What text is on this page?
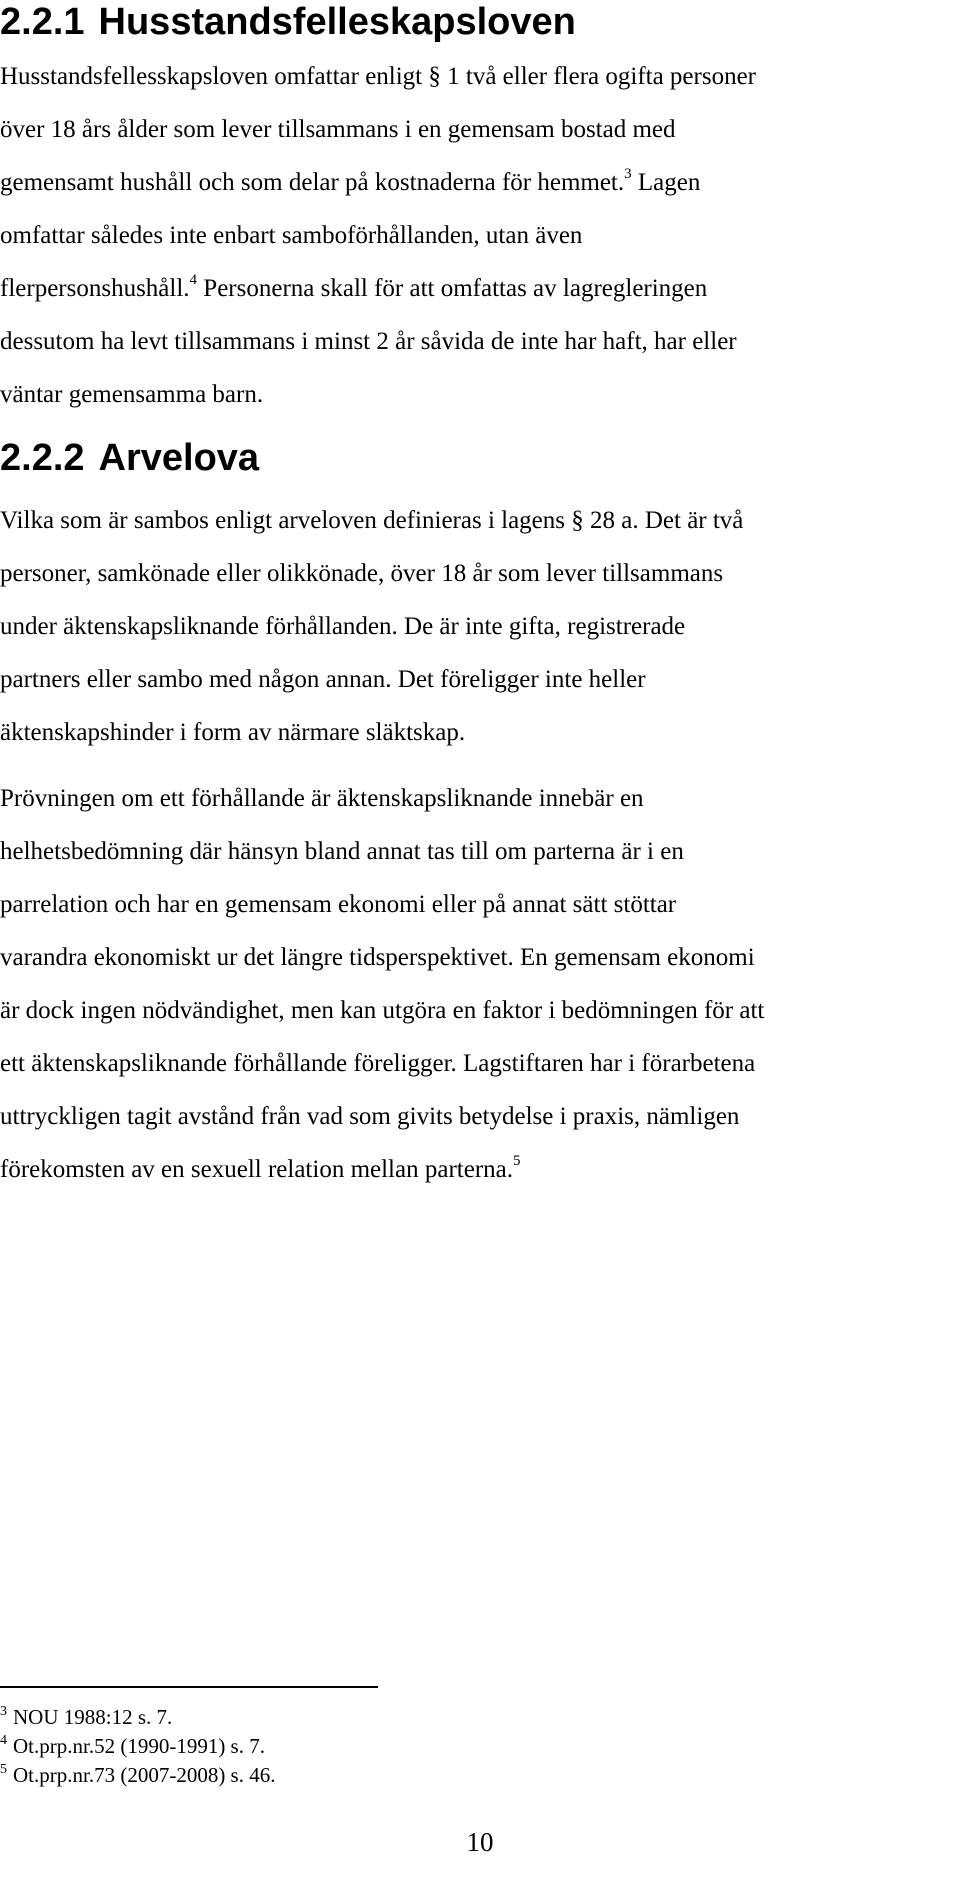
2.2.1 Husstandsfelleskapsloven

Husstandsfellesskapsloven omfattar enligt § 1 två eller flera ogifta personer
över 18 års ålder som lever tillsammans i en gemensam bostad med
gemensamt hushåll och som delar på kostnaderna för hemmet.$^3$ Lagen
omfattar således inte enbart samboförhållanden, utan även
flerpersonshushåll.$^4$ Personerna skall för att omfattas av lagregleringen
dessutom ha levt tillsammans i minst 2 år såvida de inte har haft, har eller
väntar gemensamma barn.

2.2.2 Arvelova

Vilka som är sambos enligt arveloven definieras i lagens § 28 a. Det är två
personer, samkönade eller olikkönade, över 18 år som lever tillsammans
under äktenskapsliknande förhållanden. De är inte gifta, registrerade
partners eller sambo med någon annan. Det föreligger inte heller
äktenskapshinder i form av närmare släktskap.

Prövningen om ett förhållande är äktenskapsliknande innebär en
helhetsbedömning där hänsyn bland annat tas till om parterna är i en
parrelation och har en gemensam ekonomi eller på annat sätt stöttar
varandra ekonomiskt ur det längre tidsperspektivet. En gemensam ekonomi
är dock ingen nödvändighet, men kan utgöra en faktor i bedömningen för att
ett äktenskapsliknande förhållande föreligger. Lagstiftaren har i förarbetena
uttryckligen tagit avstånd från vad som givits betydelse i praxis, nämligen
förekomsten av en sexuell relation mellan parterna.$^5$

$^3$ NOU 1988:12 s. 7.
$^4$ Ot.prp.nr.52 (1990-1991) s. 7.
$^5$ Ot.prp.nr.73 (2007-2008) s. 46.
10
